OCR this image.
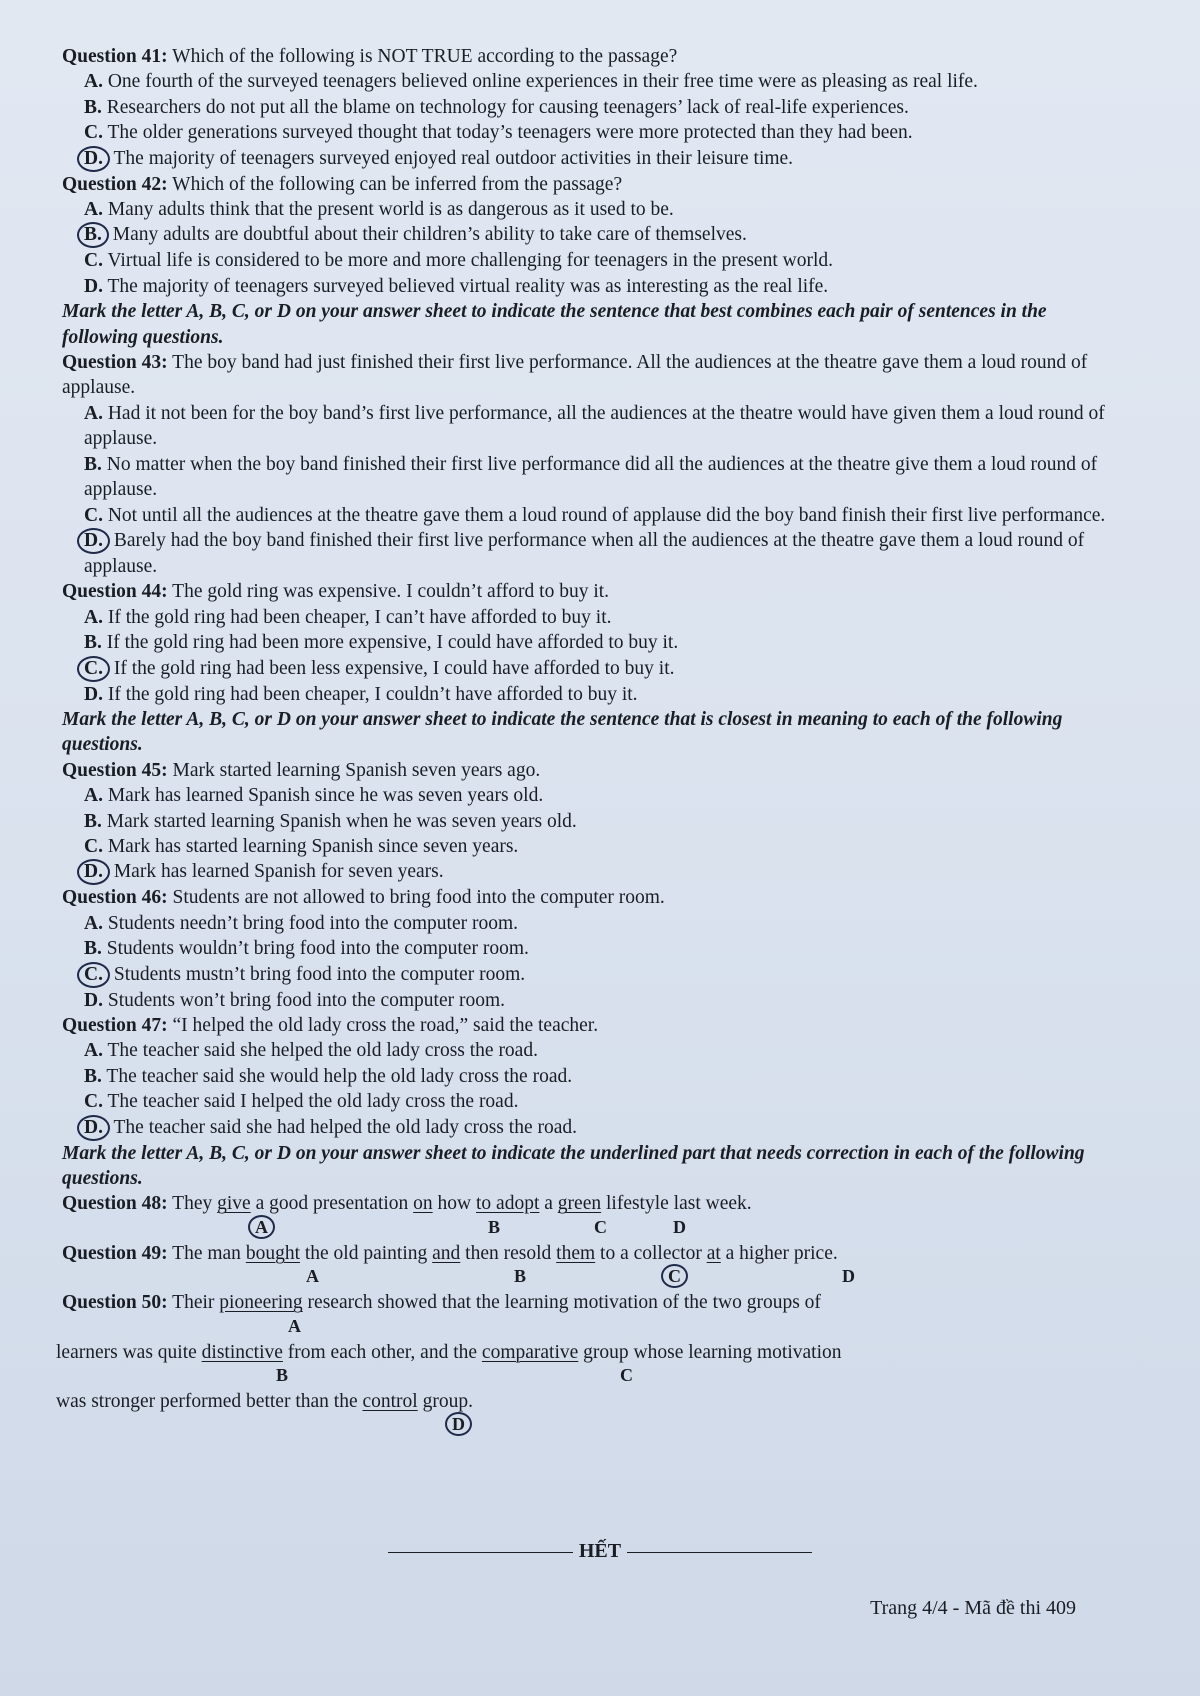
Question 41: Which of the following is NOT TRUE according to the passage?

A. One fourth of the surveyed teenagers believed online experiences in their free time were as pleasing as real life.
B. Researchers do not put all the blame on technology for causing teenagers’ lack of real-life experiences.
C. The older generations surveyed thought that today’s teenagers were more protected than they had been.
D. The majority of teenagers surveyed enjoyed real outdoor activities in their leisure time.

Question 42: Which of the following can be inferred from the passage?

A. Many adults think that the present world is as dangerous as it used to be.
B. Many adults are doubtful about their children’s ability to take care of themselves.
C. Virtual life is considered to be more and more challenging for teenagers in the present world.
D. The majority of teenagers surveyed believed virtual reality was as interesting as the real life.

Mark the letter A, B, C, or D on your answer sheet to indicate the sentence that best combines each pair of sentences in the following questions.

Question 43: The boy band had just finished their first live performance. All the audiences at the theatre gave them a loud round of applause.

A. Had it not been for the boy band’s first live performance, all the audiences at the theatre would have given them a loud round of applause.
B. No matter when the boy band finished their first live performance did all the audiences at the theatre give them a loud round of applause.
C. Not until all the audiences at the theatre gave them a loud round of applause did the boy band finish their first live performance.
D. Barely had the boy band finished their first live performance when all the audiences at the theatre gave them a loud round of applause.

Question 44: The gold ring was expensive. I couldn’t afford to buy it.

A. If the gold ring had been cheaper, I can’t have afforded to buy it.
B. If the gold ring had been more expensive, I could have afforded to buy it.
C. If the gold ring had been less expensive, I could have afforded to buy it.
D. If the gold ring had been cheaper, I couldn’t have afforded to buy it.

Mark the letter A, B, C, or D on your answer sheet to indicate the sentence that is closest in meaning to each of the following questions.

Question 45: Mark started learning Spanish seven years ago.

A. Mark has learned Spanish since he was seven years old.
B. Mark started learning Spanish when he was seven years old.
C. Mark has started learning Spanish since seven years.
D. Mark has learned Spanish for seven years.

Question 46: Students are not allowed to bring food into the computer room.

A. Students needn’t bring food into the computer room.
B. Students wouldn’t bring food into the computer room.
C. Students mustn’t bring food into the computer room.
D. Students won’t bring food into the computer room.

Question 47: “I helped the old lady cross the road,” said the teacher.

A. The teacher said she helped the old lady cross the road.
B. The teacher said she would help the old lady cross the road.
C. The teacher said I helped the old lady cross the road.
D. The teacher said she had helped the old lady cross the road.

Mark the letter A, B, C, or D on your answer sheet to indicate the underlined part that needs correction in each of the following questions.

Question 48: They give a good presentation on how to adopt a green lifestyle last week.
A	B	C	D
Question 49: The man bought the old painting and then resold them to a collector at a higher price.
A	B	C	D
Question 50: Their pioneering research showed that the learning motivation of the two groups of
A
learners was quite distinctive from each other, and the comparative group whose learning motivation
B	C
was stronger performed better than the control group.
D
HẾT
Trang 4/4 - Mã đề thi 409
